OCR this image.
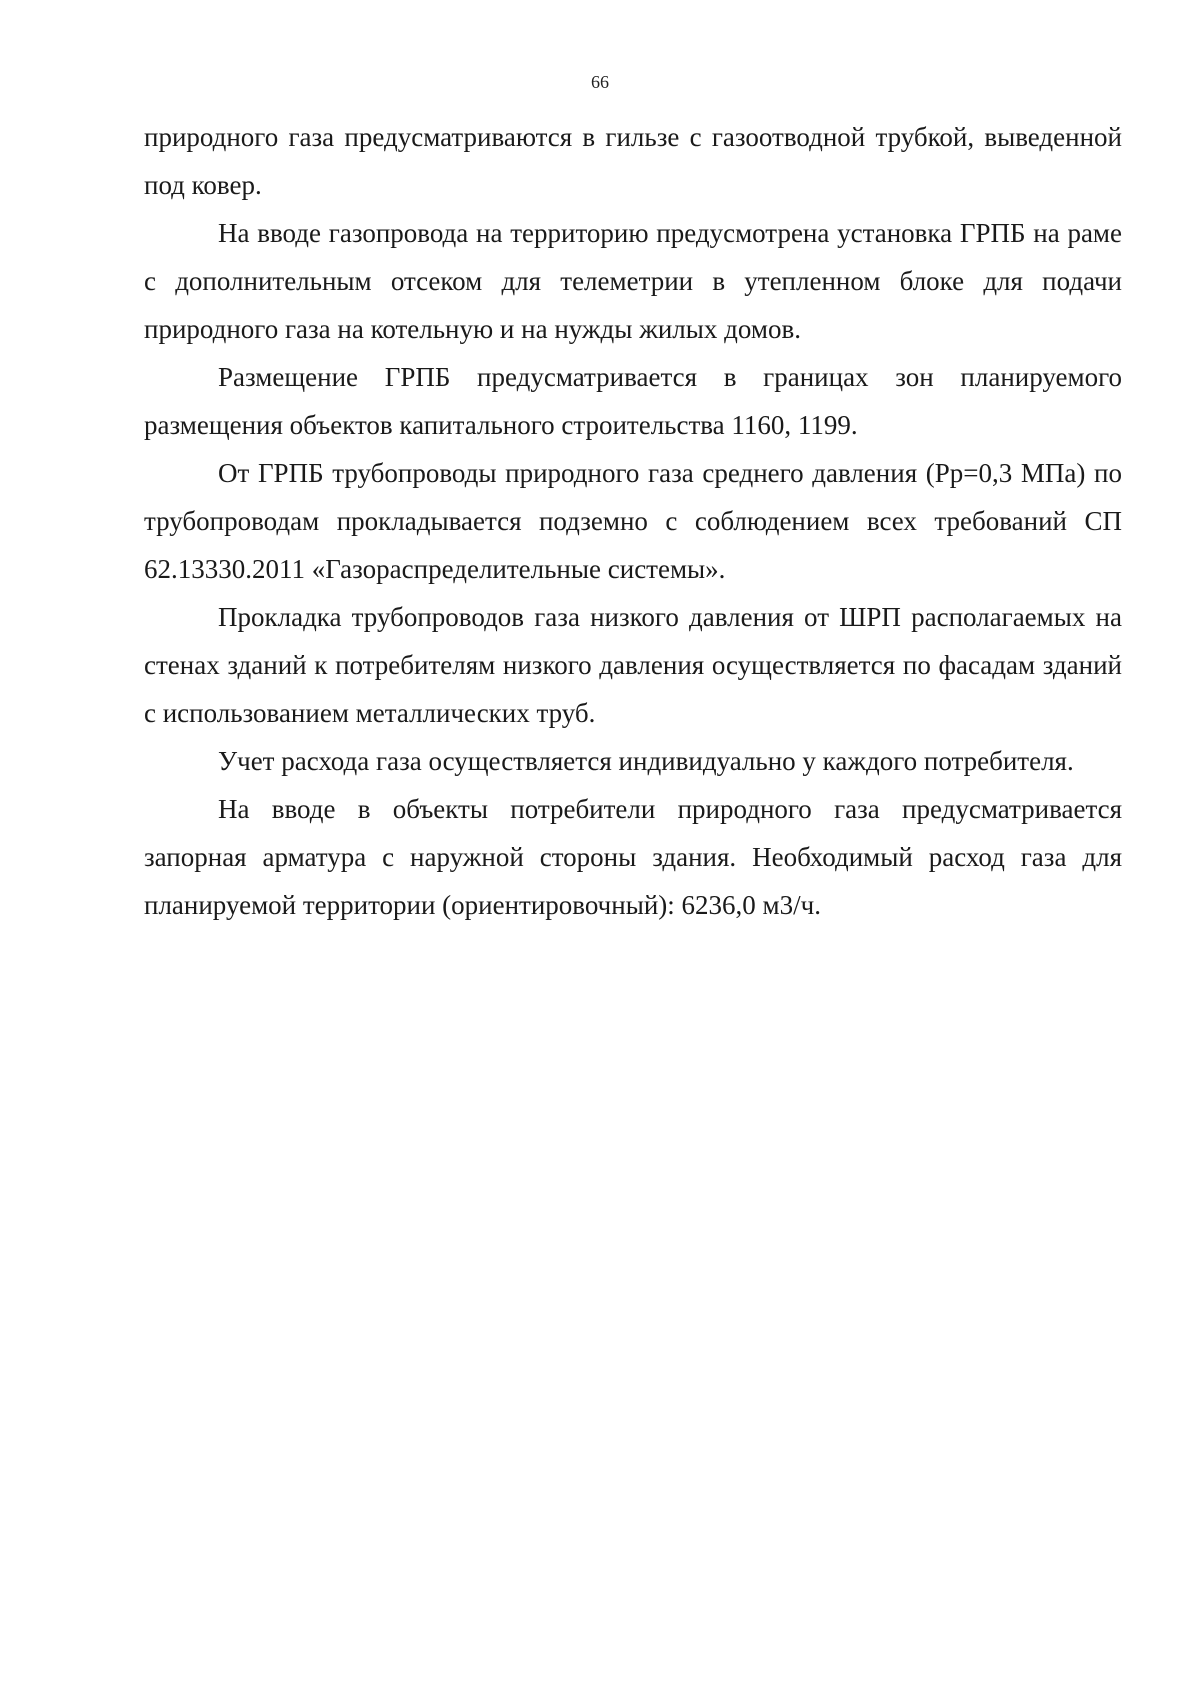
66

природного газа предусматриваются в гильзе с газоотводной трубкой, выведенной под ковер.

На вводе газопровода на территорию предусмотрена установка ГРПБ на раме с дополнительным отсеком для телеметрии в утепленном блоке для подачи природного газа на котельную и на нужды жилых домов.

Размещение ГРПБ предусматривается в границах зон планируемого размещения объектов капитального строительства 1160, 1199.

От ГРПБ трубопроводы природного газа среднего давления (Рр=0,3 МПа) по трубопроводам прокладывается подземно с соблюдением всех требований СП 62.13330.2011 «Газораспределительные системы».

Прокладка трубопроводов газа низкого давления от ШРП располагаемых на стенах зданий к потребителям низкого давления осуществляется по фасадам зданий с использованием металлических труб.

Учет расхода газа осуществляется индивидуально у каждого потребителя.

На вводе в объекты потребители природного газа предусматривается запорная арматура с наружной стороны здания. Необходимый расход газа для планируемой территории (ориентировочный): 6236,0 м3/ч.
